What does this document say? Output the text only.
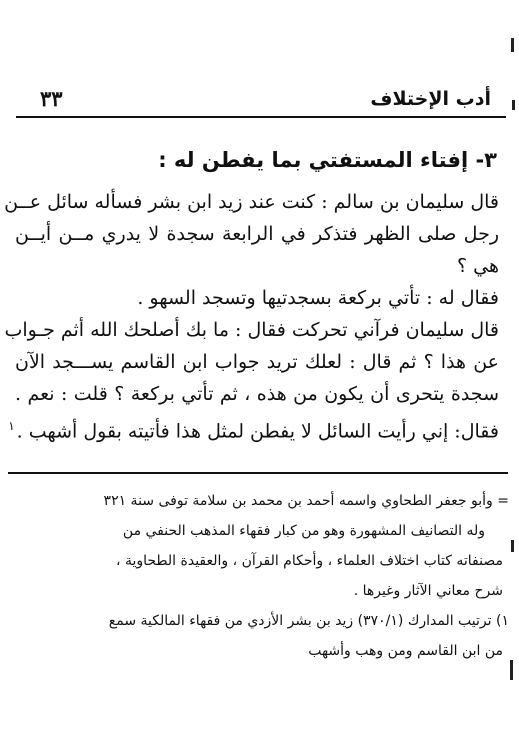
أدب الإختلاف
٣٣
٣- إفتاء المستفتي بما يفطن له :
قال سليمان بن سالم : كنت عند زيد ابن بشر فسأله سائل عــن
رجل صلى الظهر فتذكر في الرابعة سجدة لا يدري مــن أيــن
هي ؟
فقال له : تأتي بركعة بسجدتيها وتسجد السهو .
قال سليمان فرآني تحركت فقال : ما بك أصلحك الله أثم جـواب
عن هذا ؟ ثم قال : لعلك تريد جواب ابن القاسم يســـجد الآن
سجدة يتحرى أن يكون من هذه ، ثم تأتي بركعة ؟ قلت : نعم .
فقال: إني رأيت السائل لا يفطن لمثل هذا فأتيته بقول أشهب .$^١$
= وأبو جعفر الطحاوي واسمه أحمد بن محمد بن سلامة توفى سنة ٣٢١
وله التصانيف المشهورة وهو من كبار فقهاء المذهب الحنفي من
مصنفاته كتاب اختلاف العلماء ، وأحكام القرآن ، والعقيدة الطحاوية ،
شرح معاني الآثار وغيرها .
١) ترتيب المدارك (٣٧٠/١) زيد بن بشر الأزدي من فقهاء المالكية سمع
من ابن القاسم ومن وهب وأشهب
